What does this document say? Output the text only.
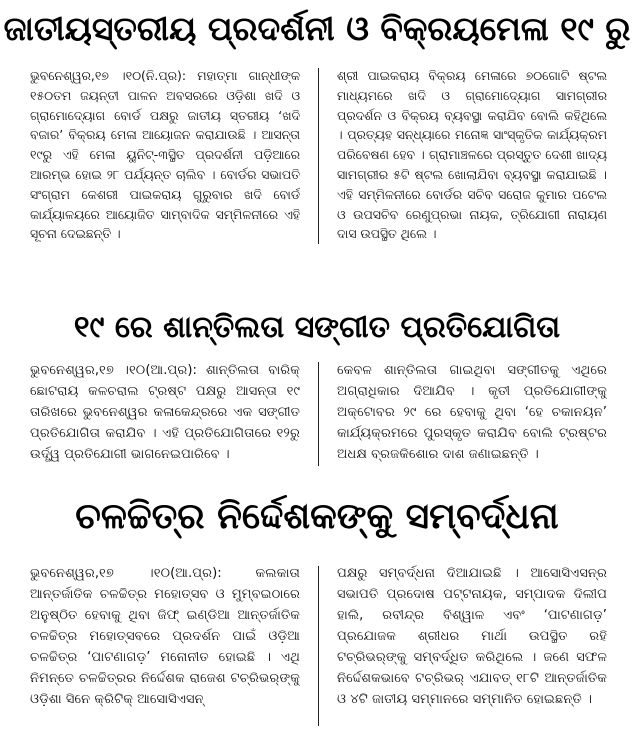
ଜାତୀୟସ୍ତରୀୟ ପ୍ରଦର୍ଶନୀ ଓ ବିକ୍ରୟମେଳା ୧୯ ରୁ
ଭୁବନେଶ୍ୱର,୧୭ ।୧୦(ନି.ପ୍ର): ମହାତ୍ମା ଗାନ୍ଧୀଙ୍କ ୧୫୦ତମ ଜୟନ୍ତୀ ପାଳନ ଅବସରରେ ଓଡ଼ିଶା ଖଦି ଓ ଗ୍ରାମୋଦ୍ୟୋଗ ବୋର୍ଡ ପକ୍ଷରୁ ଜାତୀୟ ସ୍ତରୀୟ ‘ଖଦି ବଜାର’ ବିକ୍ରୟ ମେଳା ଆୟୋଜନ କରାଯାଉଛି । ଆସନ୍ତା ୧୯ରୁ ଏହି ମେଳା ୟୁନିଟ୍-୩ସ୍ଥିତ ପ୍ରଦର୍ଶନୀ ପଡ଼ିଆରେ ଆରମ୍ଭ ହୋଇ ୨୮ ପର୍ଯ୍ୟନ୍ତ ଚାଲିବ । ବୋର୍ଡର ସଭାପତି ସଂଗ୍ରାମ କେଶରୀ ପାଇକରାୟ ଗୁରୁବାର ଖଦି ବୋର୍ଡ କାର୍ଯ୍ୟାଳୟରେ ଆୟୋଜିତ ସାମ୍ବାଦିକ ସମ୍ମିଳନୀରେ ଏହି ସୂଚନା ଦେଇଛନ୍ତି ।
ଶ୍ରୀ ପାଇକରାୟ ବିକ୍ରୟ ମେଳାରେ ୭୦ଗୋଟି ଷ୍ଟଲ ମାଧ୍ୟମରେ ଖଦି ଓ ଗ୍ରାମୋଦ୍ୟୋଗ ସାମଗ୍ରୀର ପ୍ରଦର୍ଶନ ଓ ବିକ୍ରୟ ବ୍ୟବସ୍ଥା କରାଯିବ ବୋଲି କହିଥିଲେ । ପ୍ରତ୍ୟହ ସନ୍ଧ୍ୟାରେ ମନୋଜ୍ଞ ସାଂସ୍କୃତିକ କାର୍ଯ୍ୟକ୍ରମ ପରିବେଷଣ ହେବ । ଗ୍ରାମାଞ୍ଚଳରେ ପ୍ରସ୍ତୁତ ଦେଶୀ ଖାଦ୍ୟ ସାମଗ୍ରୀର ୫ଟି ଷ୍ଟଲ ଖୋଲାଯିବା ବ୍ୟବସ୍ଥା କରାଯାଇଛି । ଏହି ସମ୍ମିଳନୀରେ ବୋର୍ଡର ସଚିବ ସରୋଜ କୁମାର ପଟେଲ ଓ ଉପସଚିବ ରେଣୁପ୍ରଭା ନାୟକ, ତ୍ରିଯୋଗୀ ନାରାୟଣ ଦାସ ଉପସ୍ଥିତ ଥିଲେ ।
୧୯ ରେ ଶାନ୍ତିଲତା ସଙ୍ଗୀତ ପ୍ରତିଯୋଗିତା
ଭୁବନେଶ୍ୱର,୧୭ ।୧୦(ଆ.ପ୍ର): ଶାନ୍ତିଲତା ବାରିକ୍ ଛୋଟରାୟ କଳଚରାଲ ଟ୍ରଷ୍ଟ ପକ୍ଷରୁ ଆସନ୍ତା ୧୯ ତାରିଖରେ ଭୁବନେଶ୍ୱର କଳାକେନ୍ଦ୍ରରେ ଏକ ସଙ୍ଗୀତ ପ୍ରତିଯୋଗିତା କରାଯିବ । ଏହି ପ୍ରତିଯୋଗିତାରେ ୧୨ରୁ ଉର୍ଦ୍ଧ୍ୱ ପ୍ରତିଯୋଗୀ ଭାଗନେଇପାରିବେ ।
କେବଳ ଶାନ୍ତିଲତା ଗାଇଥିବା ସଙ୍ଗୀତକୁ ଏଥିରେ ଅଗ୍ରାଧିକାର ଦିଆଯିବ । କୃତୀ ପ୍ରତିଯୋଗୀଙ୍କୁ ଅକ୍ଟୋବର ୨୯ ରେ ହେବାକୁ ଥିବା ‘ହେ ଚକାନୟନ’ କାର୍ଯ୍ୟକ୍ରମରେ ପୁରସ୍କୃତ କରାଯିବ ବୋଲି ଟ୍ରଷ୍ଟର ଅଧକ୍ଷ ବ୍ରଜକିଶୋର ଦାଶ ଜଣାଇଛନ୍ତି ।
ଚଳଚ୍ଚିତ୍ର ନିର୍ଦ୍ଦେଶକଙ୍କୁ ସମ୍ବର୍ଦ୍ଧନା
ଭୁବନେଶ୍ୱର,୧୭ ।୧୦(ଆ.ପ୍ର): କଲକାତା ଆନ୍ତର୍ଜାତିକ ଚଳଚ୍ଚିତ୍ର ମହୋତ୍ସବ ଓ ମୁମ୍ବଇଠାରେ ଅନୁଷ୍ଠିତ ହେବାକୁ ଥିବା ଜିଫ୍ ଇଣ୍ଡିଆ ଆନ୍ତର୍ଜାତିକ ଚଳଚ୍ଚିତ୍ର ମହୋତ୍ସବରେ ପ୍ରଦର୍ଶନ ପାଇଁ ଓଡ଼ିଆ ଚଳଚ୍ଚିତ୍ର ‘ପାଟଣାଗଡ଼’ ମନୋନୀତ ହୋଇଛି । ଏଥି ନିମନ୍ତେ ଚଳଚ୍ଚିତ୍ରର ନିର୍ଦ୍ଦେଶକ ରାଜେଶ ଟଚ୍‌ରିଭର୍‌ଙ୍କୁ ଓଡ଼ିଶା ସିନେ କ୍ରିଟିକ୍ ଆସୋସିଏସନ୍
ପକ୍ଷରୁ ସମ୍ବର୍ଦ୍ଧନା ଦିଆଯାଇଛି । ଆସୋସିଏସନ୍‌ର ସଭାପତି ପ୍ରଦୋଷ ପଟ୍ଟନାୟକ, ସମ୍ପାଦକ ଦିଲୀପ ହାଲି, ରବୀନ୍ଦ୍ର ବିଶ୍ୱାଳ ଏବଂ ‘ପାଟଣାଗଡ଼’ ପ୍ରଯୋଜକ ଶ୍ରୀଧର ମାର୍ଥା ଉପସ୍ଥିତ ରହି ଟଚ୍‌ରିଭର୍‌ଙ୍କୁ ସମ୍ବର୍ଦ୍ଧିତ କରିଥିଲେ । ଜଣେ ସଫଳ ନିର୍ଦ୍ଦେଶକଭାବେ ଟଚ୍‌ରିଭର୍ ଏଯାବତ୍ ୧୮ଟି ଆନ୍ତର୍ଜାତିକ ଓ ୪ଟି ଜାତୀୟ ସମ୍ମାନରେ ସମ୍ମାନିତ ହୋଇଛନ୍ତି ।
